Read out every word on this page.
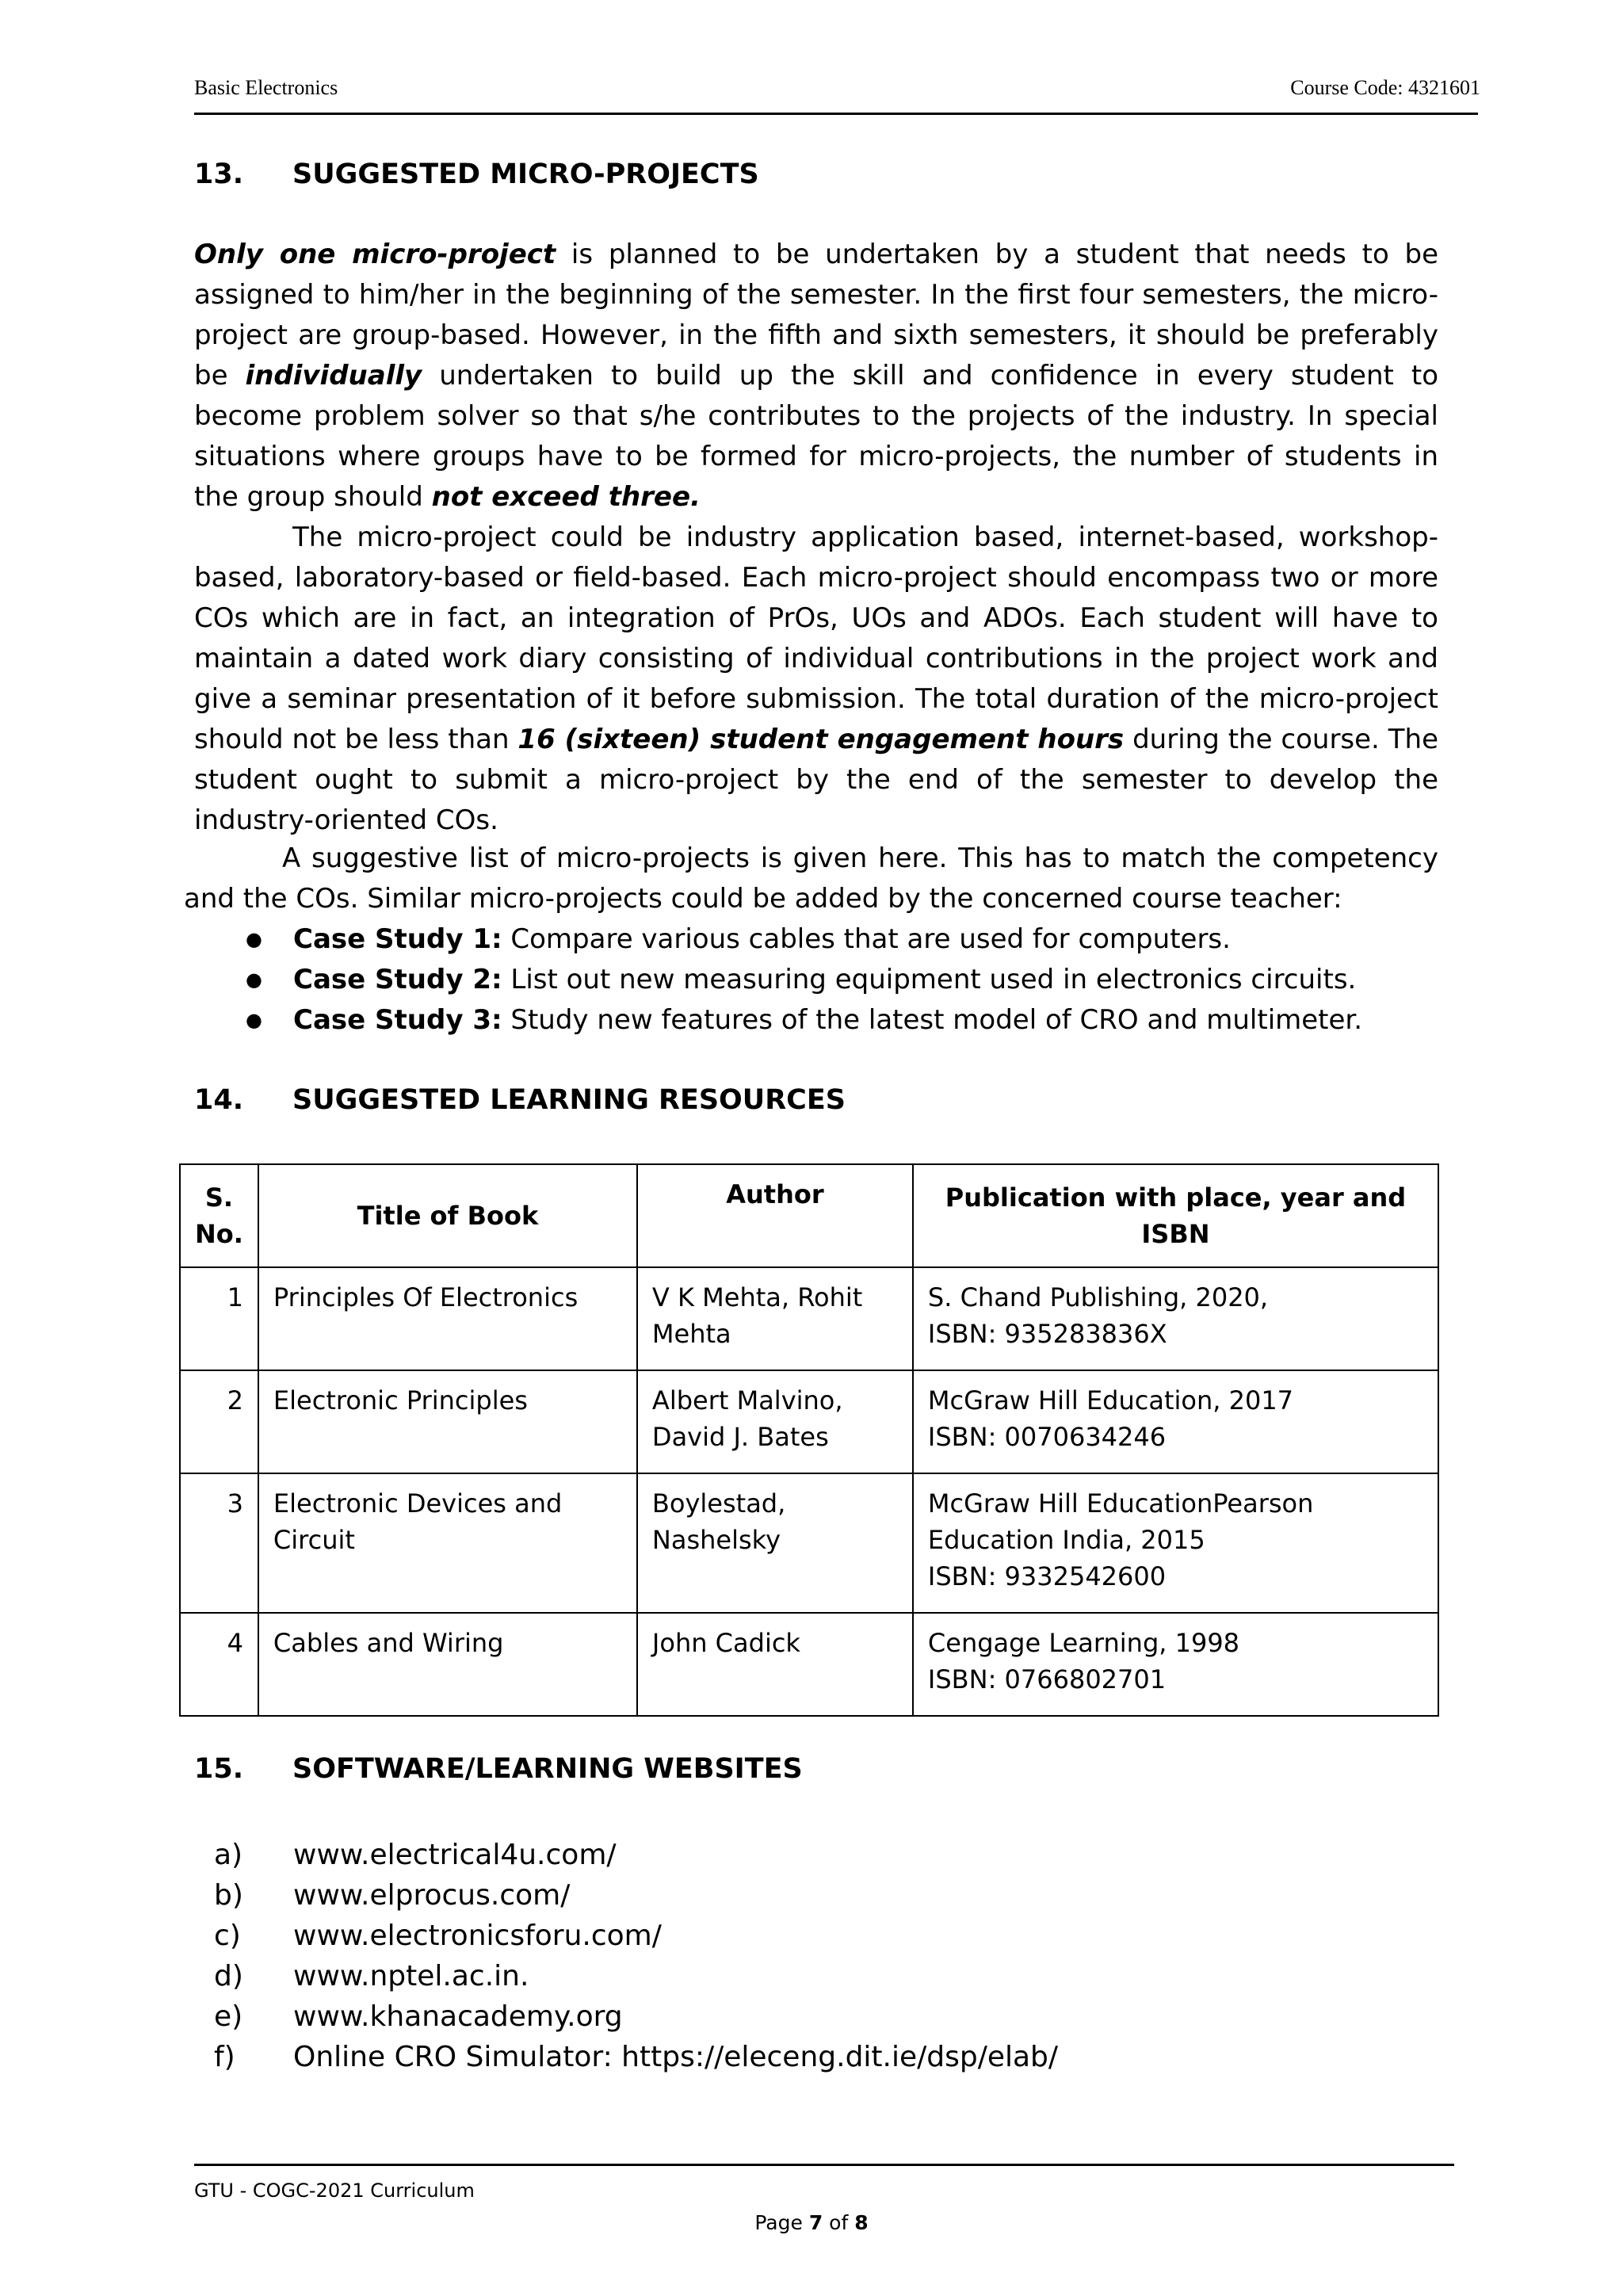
Basic Electronics	Course Code: 4321601
13. SUGGESTED MICRO-PROJECTS
Only one micro-project is planned to be undertaken by a student that needs to be assigned to him/her in the beginning of the semester. In the first four semesters, the micro-project are group-based. However, in the fifth and sixth semesters, it should be preferably be individually undertaken to build up the skill and confidence in every student to become problem solver so that s/he contributes to the projects of the industry. In special situations where groups have to be formed for micro-projects, the number of students in the group should not exceed three.
The micro-project could be industry application based, internet-based, workshop-based, laboratory-based or field-based. Each micro-project should encompass two or more COs which are in fact, an integration of PrOs, UOs and ADOs. Each student will have to maintain a dated work diary consisting of individual contributions in the project work and give a seminar presentation of it before submission. The total duration of the micro-project should not be less than 16 (sixteen) student engagement hours during the course. The student ought to submit a micro-project by the end of the semester to develop the industry-oriented COs.
A suggestive list of micro-projects is given here. This has to match the competency and the COs. Similar micro-projects could be added by the concerned course teacher:
● Case Study 1: Compare various cables that are used for computers.
● Case Study 2: List out new measuring equipment used in electronics circuits.
● Case Study 3: Study new features of the latest model of CRO and multimeter.
14. SUGGESTED LEARNING RESOURCES
S.
No.	Title of Book	Author	Publication with place, year and ISBN
1	Principles Of Electronics	V K Mehta, Rohit Mehta	S. Chand Publishing, 2020,
ISBN: 935283836X
2	Electronic Principles	Albert Malvino, David J. Bates	McGraw Hill Education, 2017
ISBN: 0070634246
3	Electronic Devices and Circuit	Boylestad, Nashelsky	McGraw Hill EducationPearson Education India, 2015
ISBN: 9332542600
4	Cables and Wiring	John Cadick	Cengage Learning, 1998
ISBN: 0766802701
15. SOFTWARE/LEARNING WEBSITES
a)	www.electrical4u.com/
b)	www.elprocus.com/
c)	www.electronicsforu.com/
d)	www.nptel.ac.in.
e)	www.khanacademy.org
f)	Online CRO Simulator: https://eleceng.dit.ie/dsp/elab/
GTU - COGC-2021 Curriculum
Page 7 of 8
